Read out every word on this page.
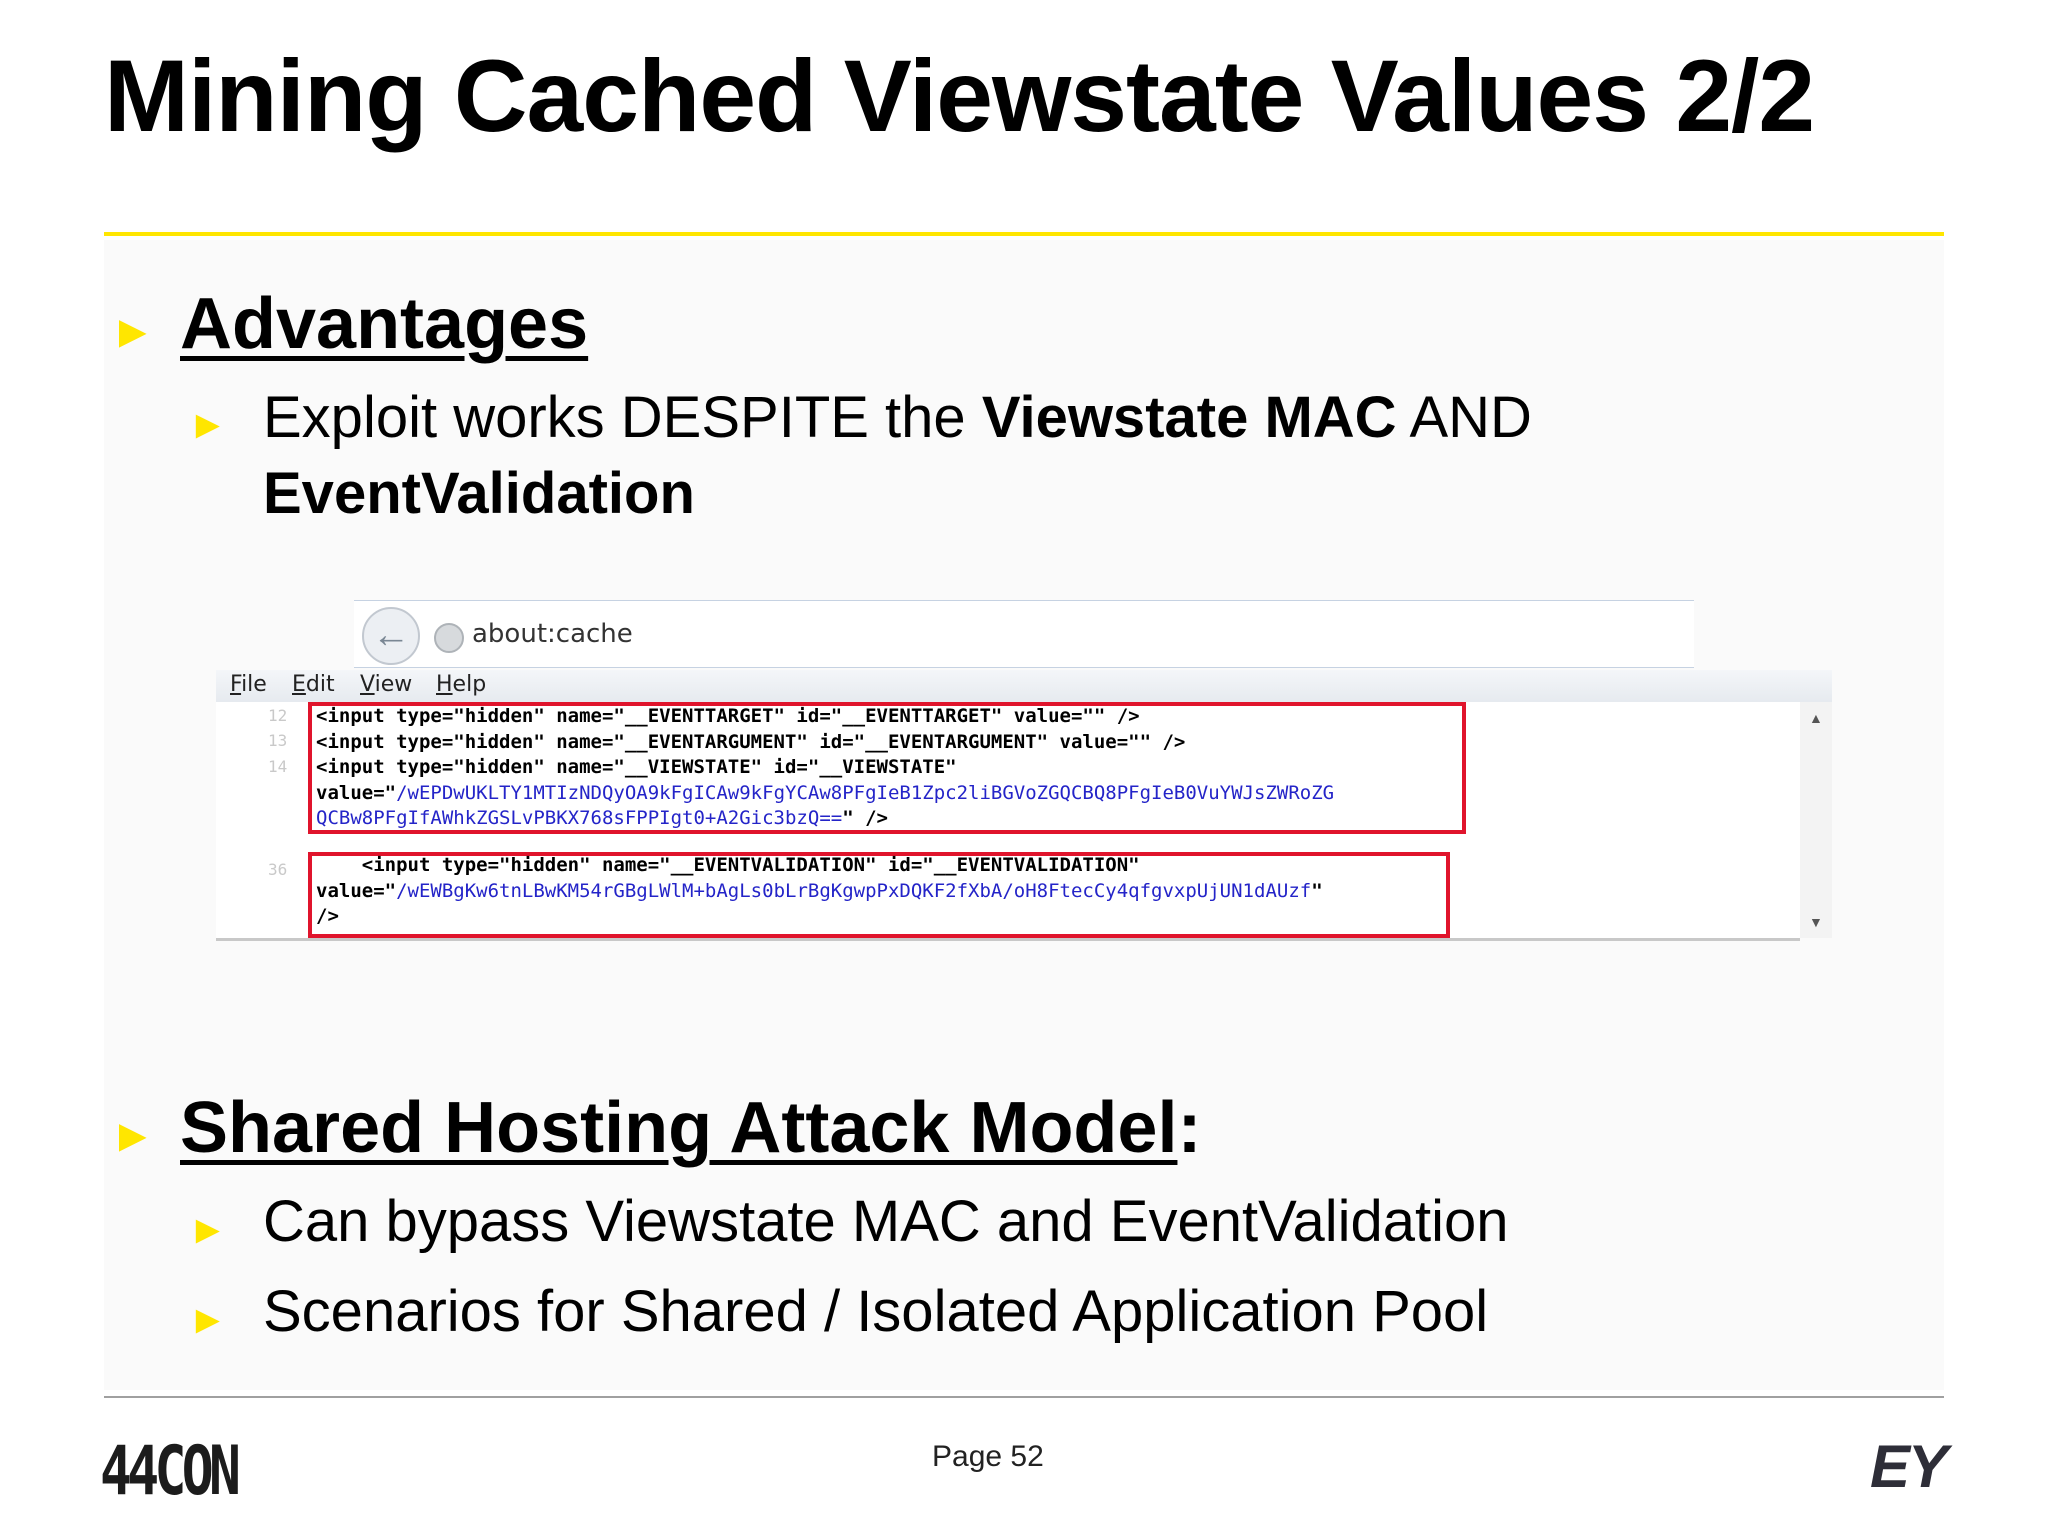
Mining Cached Viewstate Values 2/2
► Advantages
► Exploit works DESPITE the Viewstate MAC AND
EventValidation
←	about:cache
File Edit View Help
12
13
14
36
<input type="hidden" name="__EVENTTARGET" id="__EVENTTARGET" value="" />
<input type="hidden" name="__EVENTARGUMENT" id="__EVENTARGUMENT" value="" />
<input type="hidden" name="__VIEWSTATE" id="__VIEWSTATE"
value="/wEPDwUKLTY1MTIzNDQyOA9kFgICAw9kFgYCAw8PFgIeB1Zpc2liBGVoZGQCBQ8PFgIeB0VuYWJsZWRoZG
QCBw8PFgIfAWhkZGSLvPBKX768sFPPIgt0+A2Gic3bzQ==" />
<input type="hidden" name="__EVENTVALIDATION" id="__EVENTVALIDATION"
value="/wEWBgKw6tnLBwKM54rGBgLWlM+bAgLs0bLrBgKgwpPxDQKF2fXbA/oH8FtecCy4qfgvxpUjUN1dAUzf"
/>
▲
▼
► Shared Hosting Attack Model:
► Can bypass Viewstate MAC and EventValidation
► Scenarios for Shared / Isolated Application Pool
44CON	Page 52	EY
